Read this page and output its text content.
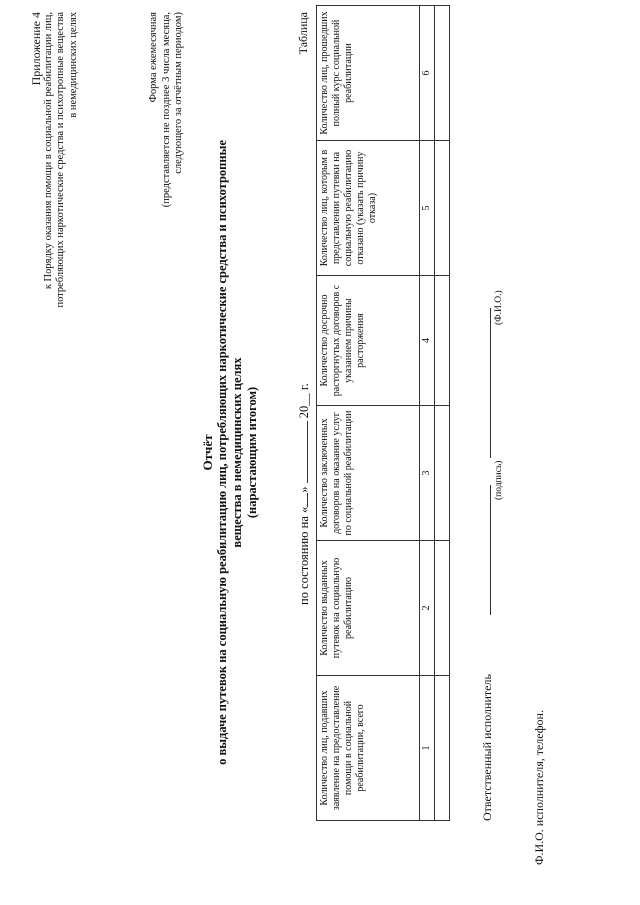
Приложение 4 к Порядку оказания помощи в социальной реабилитации лиц, потребляющих наркотические средства и психотропные вещества в немедицинских целях	Форма ежемесячная (представляется не позднее 3 числа месяца, следующего за отчётным периодом)
Отчёт о выдаче путевок на социальную реабилитацию лиц, потребляющих наркотические средства и психотропные вещества в немедицинских целях (нарастающим итогом)
по состоянию на «»  20__ г.
Таблица
Количество лиц, подавших заявление на предоставление помощи в социальной реабилитации, всего	Количество выданных путевок на социальную реабилитацию	Количество заключенных договоров на оказание услуг по социальной реабилитации	Количество досрочно расторгнутых договоров с указанием причины расторжения	Количество лиц, которым в представлении путевки на социальную реабилитацию отказано (указать причину отказа)	Количество лиц, прошедших полный курс социальной реабилитации
1	2	3	4	5	6

Ответственный исполнитель
(подпись)
(Ф.И.О.)
Ф.И.О. исполнителя, телефон.
